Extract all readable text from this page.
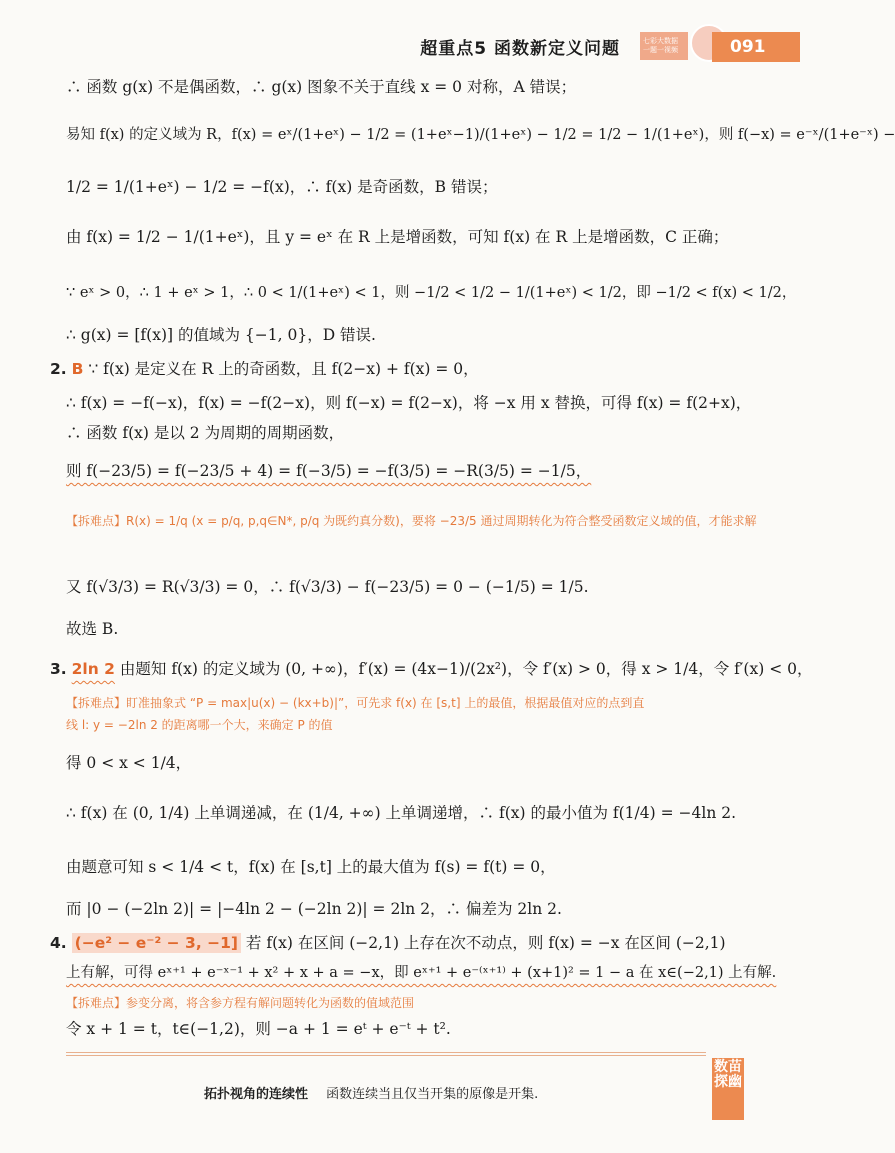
超重点5 函数新定义问题	七彩大数据 一题一视频	091
∴ 函数 g(x) 不是偶函数，∴ g(x) 图象不关于直线 x = 0 对称，A 错误；
易知 f(x) 的定义域为 R，f(x) = eˣ/(1+eˣ) − 1/2 = (1+eˣ−1)/(1+eˣ) − 1/2 = 1/2 − 1/(1+eˣ)，则 f(−x) = e⁻ˣ/(1+e⁻ˣ) −
1/2 = 1/(1+eˣ) − 1/2 = −f(x)，∴ f(x) 是奇函数，B 错误；
由 f(x) = 1/2 − 1/(1+eˣ)，且 y = eˣ 在 R 上是增函数，可知 f(x) 在 R 上是增函数，C 正确；
∵ eˣ > 0，∴ 1 + eˣ > 1，∴ 0 < 1/(1+eˣ) < 1，则 −1/2 < 1/2 − 1/(1+eˣ) < 1/2，即 −1/2 < f(x) < 1/2，
∴ g(x) = [f(x)] 的值域为 {−1, 0}，D 错误.
2. B ∵ f(x) 是定义在 R 上的奇函数，且 f(2−x) + f(x) = 0，
∴ f(x) = −f(−x)，f(x) = −f(2−x)，则 f(−x) = f(2−x)，将 −x 用 x 替换，可得 f(x) = f(2+x)，
∴ 函数 f(x) 是以 2 为周期的周期函数，
则 f(−23/5) = f(−23/5 + 4) = f(−3/5) = −f(3/5) = −R(3/5) = −1/5，
【拆难点】R(x) = 1/q (x = p/q, p,q∈N*, p/q 为既约真分数)，要将 −23/5 通过周期转化为符合整受函数定义域的值，才能求解
又 f(√3/3) = R(√3/3) = 0，∴ f(√3/3) − f(−23/5) = 0 − (−1/5) = 1/5.
故选 B.
3. 2ln 2 由题知 f(x) 的定义域为 (0, +∞)，f′(x) = (4x−1)/(2x²)，令 f′(x) > 0，得 x > 1/4，令 f′(x) < 0，
【拆难点】盯准抽象式 “P = max|u(x) − (kx+b)|”，可先求 f(x) 在 [s,t] 上的最值，根据最值对应的点到直
线 l: y = −2ln 2 的距离哪一个大，来确定 P 的值
得 0 < x < 1/4，
∴ f(x) 在 (0, 1/4) 上单调递减，在 (1/4, +∞) 上单调递增，∴ f(x) 的最小值为 f(1/4) = −4ln 2.
由题意可知 s < 1/4 < t，f(x) 在 [s,t] 上的最大值为 f(s) = f(t) = 0，
而 |0 − (−2ln 2)| = |−4ln 2 − (−2ln 2)| = 2ln 2，∴ 偏差为 2ln 2.
4. (−e² − e⁻² − 3, −1] 若 f(x) 在区间 (−2,1) 上存在次不动点，则 f(x) = −x 在区间 (−2,1)
上有解，可得 eˣ⁺¹ + e⁻ˣ⁻¹ + x² + x + a = −x，即 eˣ⁺¹ + e⁻⁽ˣ⁺¹⁾ + (x+1)² = 1 − a 在 x∈(−2,1) 上有解.
【拆难点】参变分离，将含参方程有解问题转化为函数的值域范围
令 x + 1 = t，t∈(−1,2)，则 −a + 1 = eᵗ + e⁻ᵗ + t².
拓扑视角的连续性 函数连续当且仅当开集的原像是开集.
数苗探幽
